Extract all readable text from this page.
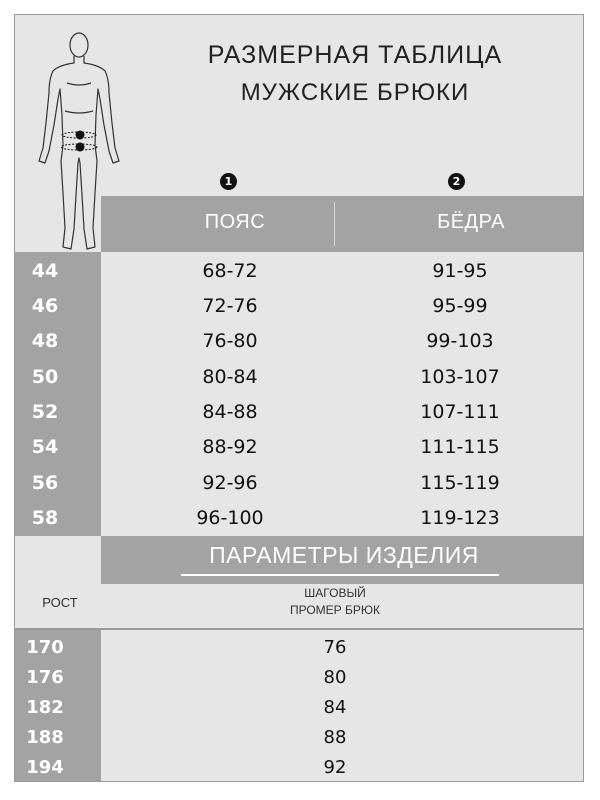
РАЗМЕРНАЯ ТАБЛИЦА
МУЖСКИЕ БРЮКИ
1	2
ПОЯС	БЁДРА
44	68-72	91-95
46	72-76	95-99
48	76-80	99-103
50	80-84	103-107
52	84-88	107-111
54	88-92	111-115
56	92-96	115-119
58	96-100	119-123
ПАРАМЕТРЫ ИЗДЕЛИЯ
РОСТ
ШАГОВЫЙ
ПРОМЕР БРЮК
170	76
176	80
182	84
188	88
194	92
